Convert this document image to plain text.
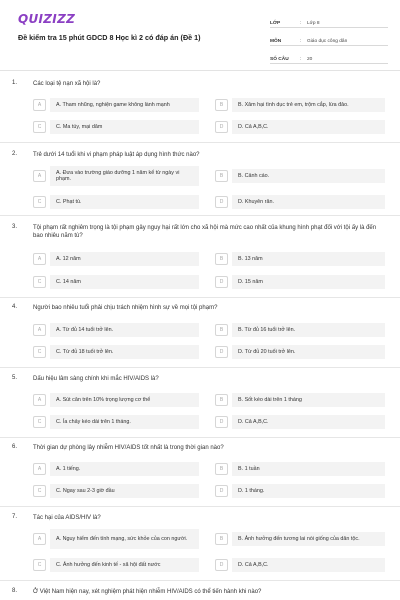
QUIZIZZ
Đề kiểm tra 15 phút GDCD 8 Học kì 2 có đáp án (Đề 1)
LỚP	:	Lớp 8
MÔN	:	Giáo dục công dân
SỐ CÂU	:	20
1.	Các loại tệ nạn xã hội là?
A	A. Tham nhũng, nghiện game không lành mạnh	B	B. Xâm hại tình dục trẻ em, trộm cắp, lừa đảo.
C	C. Ma túy, mại dâm	D	D. Cả A,B,C.
2.	Trẻ dưới 14 tuổi khi vi phạm pháp luật áp dụng hình thức nào?
A
A. Đưa vào trường giáo dưỡng 1 năm kể từ ngày vi phạm.	B	B. Cảnh cáo.
C	C. Phạt tù.	D	D. Khuyên răn.
3.	Tội phạm rất nghiêm trọng là tội phạm gây nguy hại rất lớn cho xã hội mà mức cao nhất của khung hình phạt đối với tội ấy là đến bao nhiêu năm tù?
A	A. 12 năm	B	B. 13 năm
C	C. 14 năm	D	D. 15 năm
4.	Người bao nhiêu tuổi phải chịu trách nhiệm hình sự về mọi tội phạm?
A	A. Từ đủ 14 tuổi trở lên.	B	B. Từ đủ 16 tuổi trở lên.
C	C. Từ đủ 18 tuổi trở lên.	D	D. Từ đủ 20 tuổi trở lên.
5.	Dấu hiệu lâm sàng chính khi mắc HIV/AIDS là?
A	A. Sút cân trên 10% trọng lượng cơ thể	B	B. Sốt kéo dài trên 1 tháng
C	C. Ỉa chảy kéo dài trên 1 tháng.	D	D. Cả A,B,C.
6.	Thời gian dự phòng lây nhiễm HIV/AIDS tốt nhất là trong thời gian nào?
A	A. 1 tiếng.	B	B. 1 tuần
C	C. Ngay sau 2-3 giờ đầu	D	D. 1 tháng.
7.	Tác hại của AIDS/HIV là?
A	A. Nguy hiểm đến tính mạng, sức khỏe của con người.	B	B. Ảnh hưởng đến tương lai nòi giống của dân tộc.
C	C. Ảnh hưởng đến kinh tế - xã hội đất nước	D	D. Cả A,B,C.
8.	Ở Việt Nam hiện nay, xét nghiệm phát hiện nhiễm HIV/AIDS có thể tiến hành khi nào?
